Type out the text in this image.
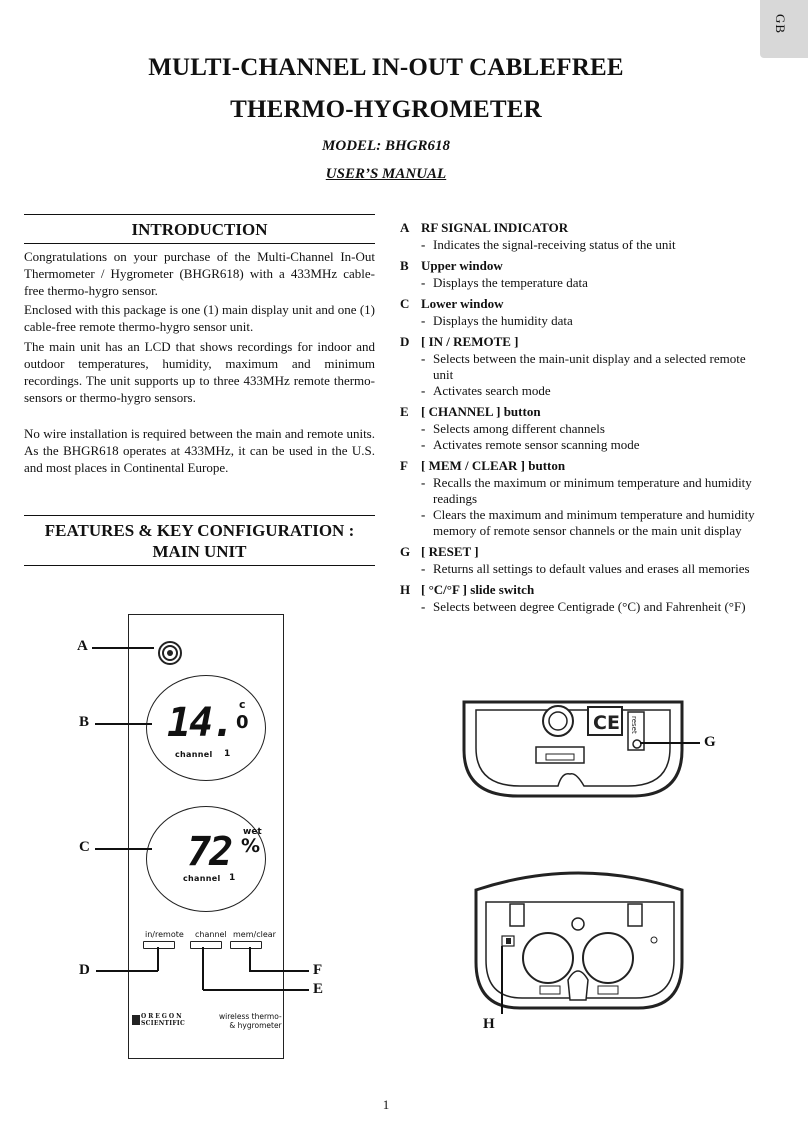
GB
MULTI-CHANNEL IN-OUT CABLEFREE
THERMO-HYGROMETER
MODEL: BHGR618
USER’S MANUAL
INTRODUCTION

Congratulations on your purchase of the Multi-Channel In-Out Thermometer / Hygrometer (BHGR618) with a 433MHz cable-free thermo-hygro sensor.

Enclosed with this package is one (1) main display unit and one (1) cable-free remote thermo-hygro sensor unit.

The main unit has an LCD that shows recordings for indoor and outdoor temperatures, humidity, maximum and minimum recordings. The unit supports up to three 433MHz remote thermo-sensors or thermo-hygro sensors.

No wire installation is required between the main and remote units. As the BHGR618 operates at 433MHz, it can be used in the U.S. and most places in Continental Europe.

FEATURES & KEY CONFIGURATION :
MAIN UNIT
A RF SIGNAL INDICATOR
- Indicates the signal-receiving status of the unit
B Upper window
- Displays the temperature data
C Lower window
- Displays the humidity data
D [ IN / REMOTE ]
- Selects between the main-unit display and a selected remote unit
- Activates search mode
E [ CHANNEL ] button
- Selects among different channels
- Activates remote sensor scanning mode
F	[ MEM / CLEAR ] button
- Recalls the maximum or minimum temperature and humidity readings
- Clears the maximum and minimum temperature and humidity memory of remote sensor channels or the main unit display
G [ RESET ]
- Returns all settings to default values and erases all memories
H [ °C/°F ] slide switch
- Selects between degree Centigrade (°C) and Fahrenheit (°F)
14. c
0
channel 1
72 wet
%
channel 1
in/remote channel mem/clear
OREGON
SCIENTIFIC
wireless thermo-
& hygrometer
A
B
C
D	F
E
CE reset
G
H
1
